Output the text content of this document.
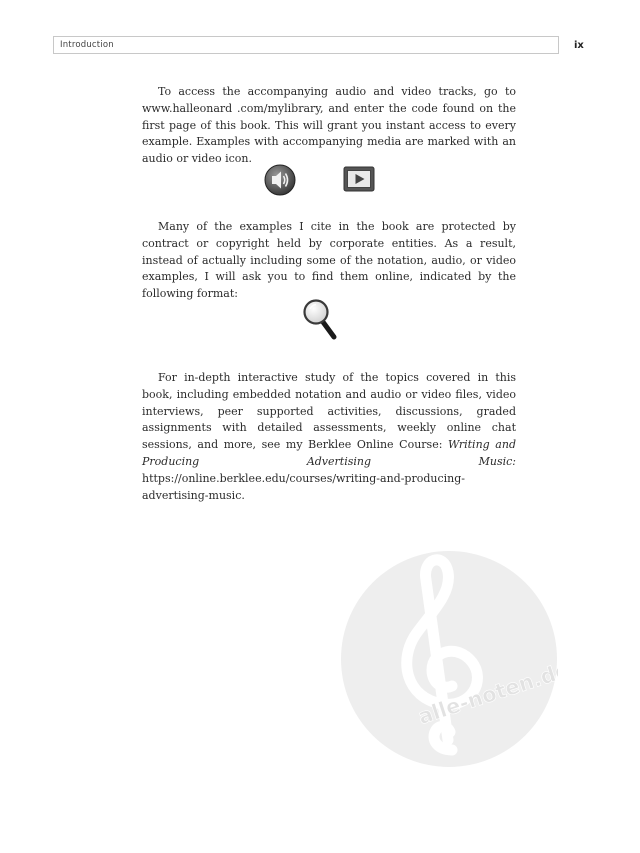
Introduction	ix

To access the accompanying audio and video tracks, go to www.halleonard .com/mylibrary, and enter the code found on the first page of this book. This will grant you instant access to every example. Examples with accompanying media are marked with an audio or video icon.

Many of the examples I cite in the book are protected by contract or copyright held by corporate entities. As a result, instead of actually including some of the notation, audio, or video examples, I will ask you to find them online, indicated by the following format:

For in-depth interactive study of the topics covered in this book, including embedded notation and audio or video files, video interviews, peer supported activities, discussions, graded assignments with detailed assessments, weekly online chat sessions, and more, see my Berklee Online Course: Writing and Producing Advertising Music: https://online.berklee.edu/courses/writing-and-producing-advertising-music.

alle-noten.de
